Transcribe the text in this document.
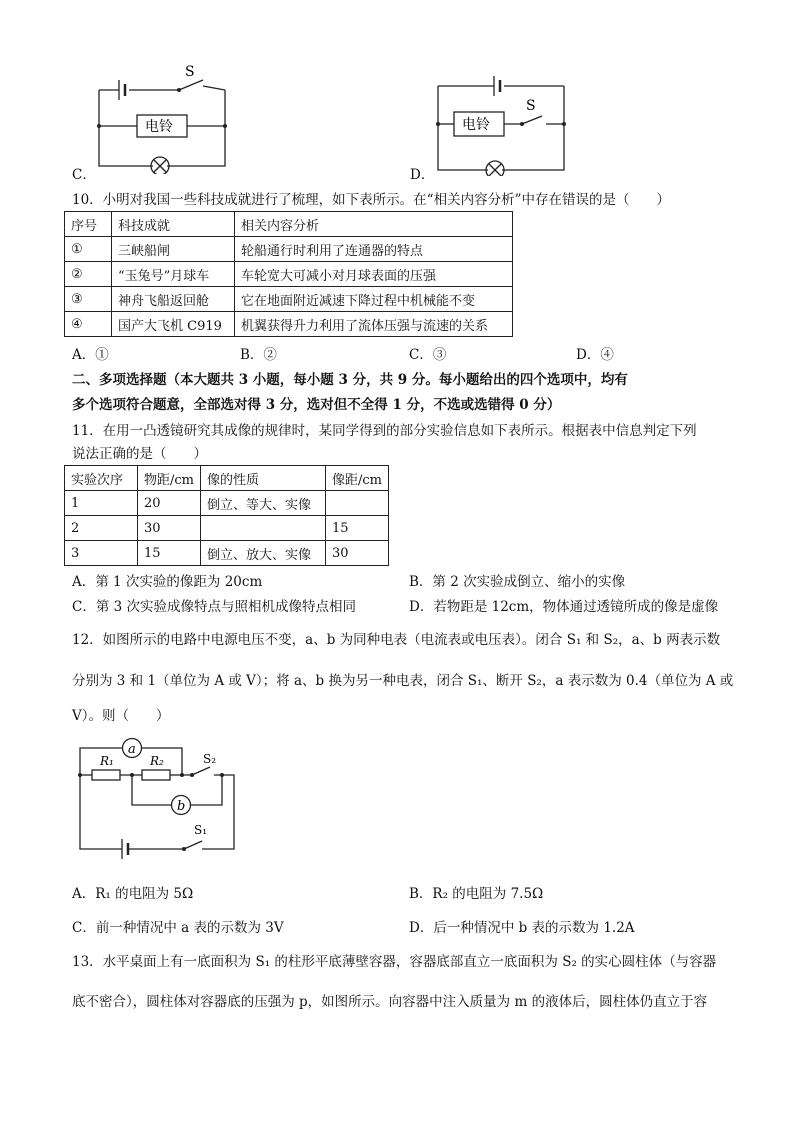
S
电铃
C．
S
电铃
D．
10．小明对我国一些科技成就进行了梳理，如下表所示。在“相关内容分析”中存在错误的是（　　）
序号	科技成就	相关内容分析
①	三峡船闸	轮船通行时利用了连通器的特点
②	“玉兔号”月球车	车轮宽大可减小对月球表面的压强
③	神舟飞船返回舱	它在地面附近减速下降过程中机械能不变
④	国产大飞机 C919	机翼获得升力利用了流体压强与流速的关系
A．①	B．②	C．③	D．④
二、多项选择题（本大题共 3 小题，每小题 3 分，共 9 分。每小题给出的四个选项中，均有
多个选项符合题意，全部选对得 3 分，选对但不全得 1 分，不选或选错得 0 分）
11．在用一凸透镜研究其成像的规律时，某同学得到的部分实验信息如下表所示。根据表中信息判定下列
说法正确的是（　　）
实验次序	物距/cm	像的性质	像距/cm
1	20	倒立、等大、实像	
2	30		15
3	15	倒立、放大、实像	30
A．第 1 次实验的像距为 20cm	B．第 2 次实验成倒立、缩小的实像
C．第 3 次实验成像特点与照相机成像特点相同	D．若物距是 12cm，物体通过透镜所成的像是虚像
12．如图所示的电路中电源电压不变，a、b 为同种电表（电流表或电压表）。闭合 S₁ 和 S₂，a、b 两表示数
分别为 3 和 1（单位为 A 或 V）；将 a、b 换为另一种电表，闭合 S₁、断开 S₂，a 表示数为 0.4（单位为 A 或
V）。则（　　）
a
b
R₁	R₂	S₂
S₁
A．R₁ 的电阻为 5Ω	B．R₂ 的电阻为 7.5Ω
C．前一种情况中 a 表的示数为 3V	D．后一种情况中 b 表的示数为 1.2A
13．水平桌面上有一底面积为 S₁ 的柱形平底薄壁容器，容器底部直立一底面积为 S₂ 的实心圆柱体（与容器
底不密合），圆柱体对容器底的压强为 p，如图所示。向容器中注入质量为 m 的液体后，圆柱体仍直立于容
